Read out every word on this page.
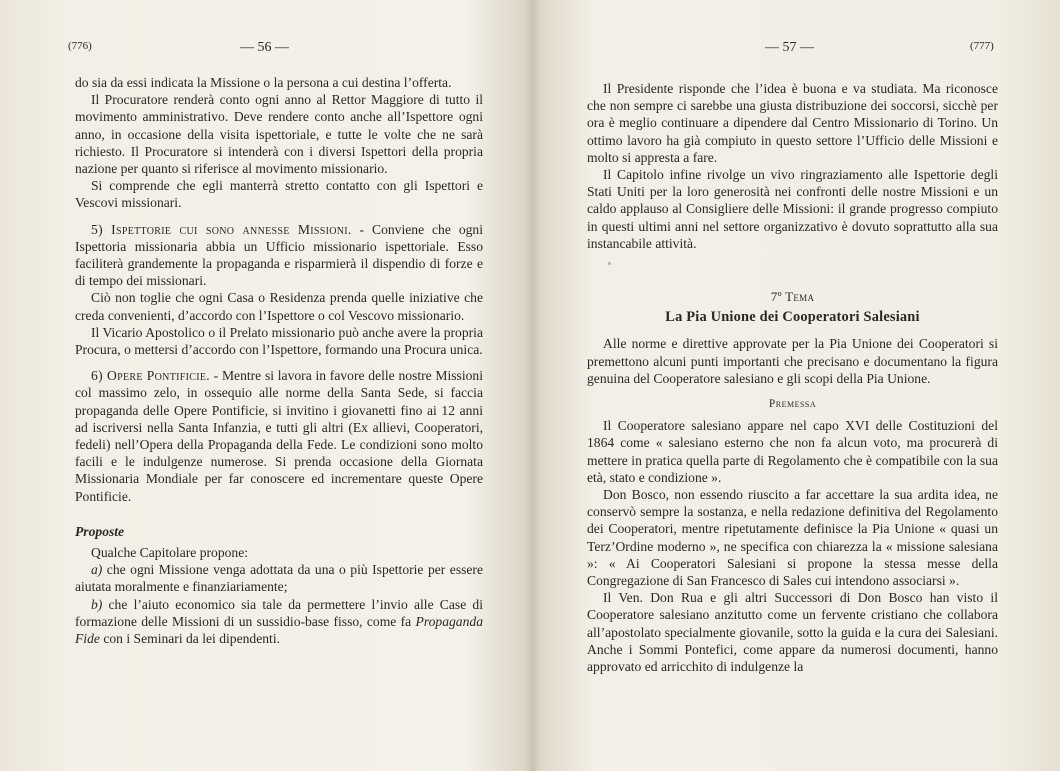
(776)	— 56 —

do sia da essi indicata la Missione o la persona a cui destina l’offerta.

Il Procuratore renderà conto ogni anno al Rettor Maggiore di tutto il movimento amministrativo. Deve rendere conto anche all’Ispettore ogni anno, in occasione della visita ispettoriale, e tutte le volte che ne sarà richiesto. Il Procuratore si intenderà con i diversi Ispettori della propria nazione per quanto si riferisce al movimento missionario.

Si comprende che egli manterrà stretto contatto con gli Ispettori e Vescovi missionari.

5) Ispettorie cui sono annesse Missioni. - Conviene che ogni Ispettoria missionaria abbia un Ufficio missionario ispettoriale. Esso faciliterà grandemente la propaganda e risparmierà il dispendio di forze e di tempo dei missionari.

Ciò non toglie che ogni Casa o Residenza prenda quelle iniziative che creda convenienti, d’accordo con l’Ispettore o col Vescovo missionario.

Il Vicario Apostolico o il Prelato missionario può anche avere la propria Procura, o mettersi d’accordo con l’Ispettore, formando una Procura unica.

6) Opere Pontificie. - Mentre si lavora in favore delle nostre Missioni col massimo zelo, in ossequio alle norme della Santa Sede, si faccia propaganda delle Opere Pontificie, si invitino i giovanetti fino ai 12 anni ad iscriversi nella Santa Infanzia, e tutti gli altri (Ex allievi, Cooperatori, fedeli) nell’Opera della Propaganda della Fede. Le condizioni sono molto facili e le indulgenze numerose. Si prenda occasione della Giornata Missionaria Mondiale per far conoscere ed incrementare queste Opere Pontificie.

Proposte

Qualche Capitolare propone:

a) che ogni Missione venga adottata da una o più Ispettorie per essere aiutata moralmente e finanziariamente;

b) che l’aiuto economico sia tale da permettere l’invio alle Case di formazione delle Missioni di un sussidio-base fisso, come fa Propaganda Fide con i Seminari da lei dipendenti.

— 57 —	(777)

Il Presidente risponde che l’idea è buona e va studiata. Ma riconosce che non sempre ci sarebbe una giusta distribuzione dei soccorsi, sicchè per ora è meglio continuare a dipendere dal Centro Missionario di Torino. Un ottimo lavoro ha già compiuto in questo settore l’Ufficio delle Missioni e molto si appresta a fare.

Il Capitolo infine rivolge un vivo ringraziamento alle Ispettorie degli Stati Uniti per la loro generosità nei confronti delle nostre Missioni e un caldo applauso al Consigliere delle Missioni: il grande progresso compiuto in questi ultimi anni nel settore organizzativo è dovuto soprattutto alla sua instancabile attività.

7º Tema

La Pia Unione dei Cooperatori Salesiani

Alle norme e direttive approvate per la Pia Unione dei Cooperatori si premettono alcuni punti importanti che precisano e documentano la figura genuina del Cooperatore salesiano e gli scopi della Pia Unione.

Premessa

Il Cooperatore salesiano appare nel capo XVI delle Costituzioni del 1864 come « salesiano esterno che non fa alcun voto, ma procurerà di mettere in pratica quella parte di Regolamento che è compatibile con la sua età, stato e condizione ».

Don Bosco, non essendo riuscito a far accettare la sua ardita idea, ne conservò sempre la sostanza, e nella redazione definitiva del Regolamento dei Cooperatori, mentre ripetutamente definisce la Pia Unione « quasi un Terz’Ordine moderno », ne specifica con chiarezza la « missione salesiana »: « Ai Cooperatori Salesiani si propone la stessa messe della Congregazione di San Francesco di Sales cui intendono associarsi ».

Il Ven. Don Rua e gli altri Successori di Don Bosco han visto il Cooperatore salesiano anzitutto come un fervente cristiano che collabora all’apostolato specialmente giovanile, sotto la guida e la cura dei Salesiani. Anche i Sommi Pontefici, come appare da numerosi documenti, hanno approvato ed arricchito di indulgenze la
